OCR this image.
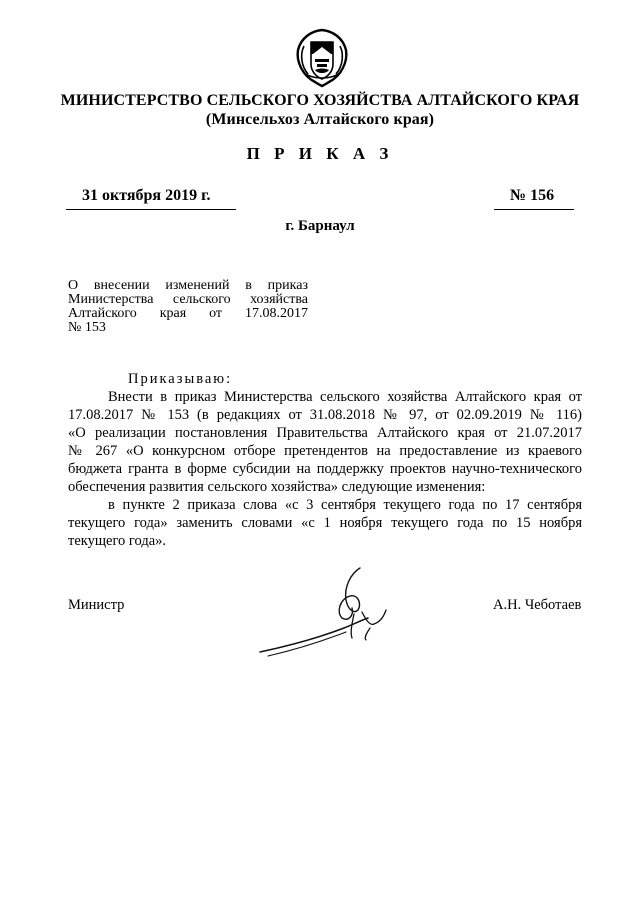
МИНИСТЕРСТВО СЕЛЬСКОГО ХОЗЯЙСТВА АЛТАЙСКОГО КРАЯ
(Минсельхоз Алтайского края)
П Р И К А З
31 октября 2019 г.	№ 156
г. Барнаул
О внесении изменений в приказ
Министерства сельского хозяйства
Алтайского края от 17.08.2017
№ 153
Приказываю:
Внести в приказ Министерства сельского хозяйства Алтайского края от
17.08.2017 № 153 (в редакциях от 31.08.2018 № 97, от 02.09.2019 № 116)
«О реализации постановления Правительства Алтайского края от 21.07.2017
№ 267 «О конкурсном отборе претендентов на предоставление из краевого
бюджета гранта в форме субсидии на поддержку проектов научно-технического
обеспечения развития сельского хозяйства» следующие изменения:
в пункте 2 приказа слова «с 3 сентября текущего года по 17 сентября
текущего года» заменить словами «с 1 ноября текущего года по 15 ноября
текущего года».
Министр	А.Н. Чеботаев
